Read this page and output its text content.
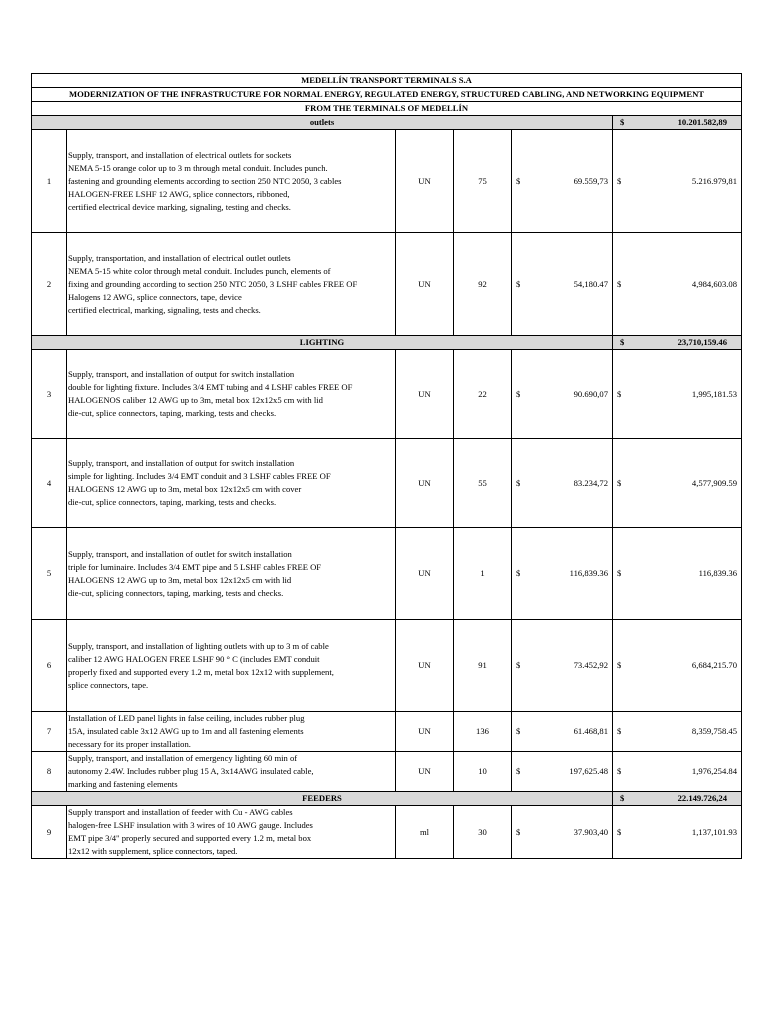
MEDELLÍN TRANSPORT TERMINALS S.A					
MODERNIZATION OF THE INFRASTRUCTURE FOR NORMAL ENERGY, REGULATED ENERGY, STRUCTURED CABLING, AND NETWORKING EQUIPMENT					
FROM THE TERMINALS OF MEDELLÍN					
outlets					$ 10.201.582,89

1	Supply, transport, and installation of electrical outlets for sockets
NEMA 5-15 orange color up to 3 m through metal conduit. Includes punch.
fastening and grounding elements according to section 250 NTC 2050, 3 cables
HALOGEN-FREE LSHF 12 AWG, splice connectors, ribboned,
certified electrical device marking, signaling, testing and checks.	UN	75	$ 69.559,73	$ 5.216.979,81

2	Supply, transportation, and installation of electrical outlet outlets
NEMA 5-15 white color through metal conduit. Includes punch, elements of
fixing and grounding according to section 250 NTC 2050, 3 LSHF cables FREE OF
Halogens 12 AWG, splice connectors, tape, device
certified electrical, marking, signaling, tests and checks.	UN	92	$ 54,180.47	$ 4,984,603.08

LIGHTING					$ 23,710,159.46

3	Supply, transport, and installation of output for switch installation
double for lighting fixture. Includes 3/4 EMT tubing and 4 LSHF cables FREE OF
HALOGENOS caliber 12 AWG up to 3m, metal box 12x12x5 cm with lid
die-cut, splice connectors, taping, marking, tests and checks.	UN	22	$ 90.690,07	$ 1,995,181.53

4	Supply, transport, and installation of output for switch installation
simple for lighting. Includes 3/4 EMT conduit and 3 LSHF cables FREE OF
HALOGENS 12 AWG up to 3m, metal box 12x12x5 cm with cover
die-cut, splice connectors, taping, marking, tests and checks.	UN	55	$ 83.234,72	$ 4,577,909.59

5	Supply, transport, and installation of outlet for switch installation
triple for luminaire. Includes 3/4 EMT pipe and 5 LSHF cables FREE OF
HALOGENS 12 AWG up to 3m, metal box 12x12x5 cm with lid
die-cut, splicing connectors, taping, marking, tests and checks.	UN	1	$ 116,839.36	$ 116,839.36

6	Supply, transport, and installation of lighting outlets with up to 3 m of cable
caliber 12 AWG HALOGEN FREE LSHF 90 ° C (includes EMT conduit
properly fixed and supported every 1.2 m, metal box 12x12 with supplement,
splice connectors, tape.	UN	91	$ 73.452,92	$ 6,684,215.70

7	Installation of LED panel lights in false ceiling, includes rubber plug
15A, insulated cable 3x12 AWG up to 1m and all fastening elements
necessary for its proper installation.	UN	136	$ 61.468,81	$ 8,359,758.45

8	Supply, transport, and installation of emergency lighting 60 min of
autonomy 2.4W. Includes rubber plug 15 A, 3x14AWG insulated cable,
marking and fastening elements	UN	10	$ 197,625.48	$ 1,976,254.84

FEEDERS					$ 22.149.726,24

9	Supply transport and installation of feeder with Cu - AWG cables
halogen-free LSHF insulation with 3 wires of 10 AWG gauge. Includes
EMT pipe 3/4" properly secured and supported every 1.2 m, metal box
12x12 with supplement, splice connectors, taped.	ml	30	$ 37.903,40	$ 1,137,101.93
